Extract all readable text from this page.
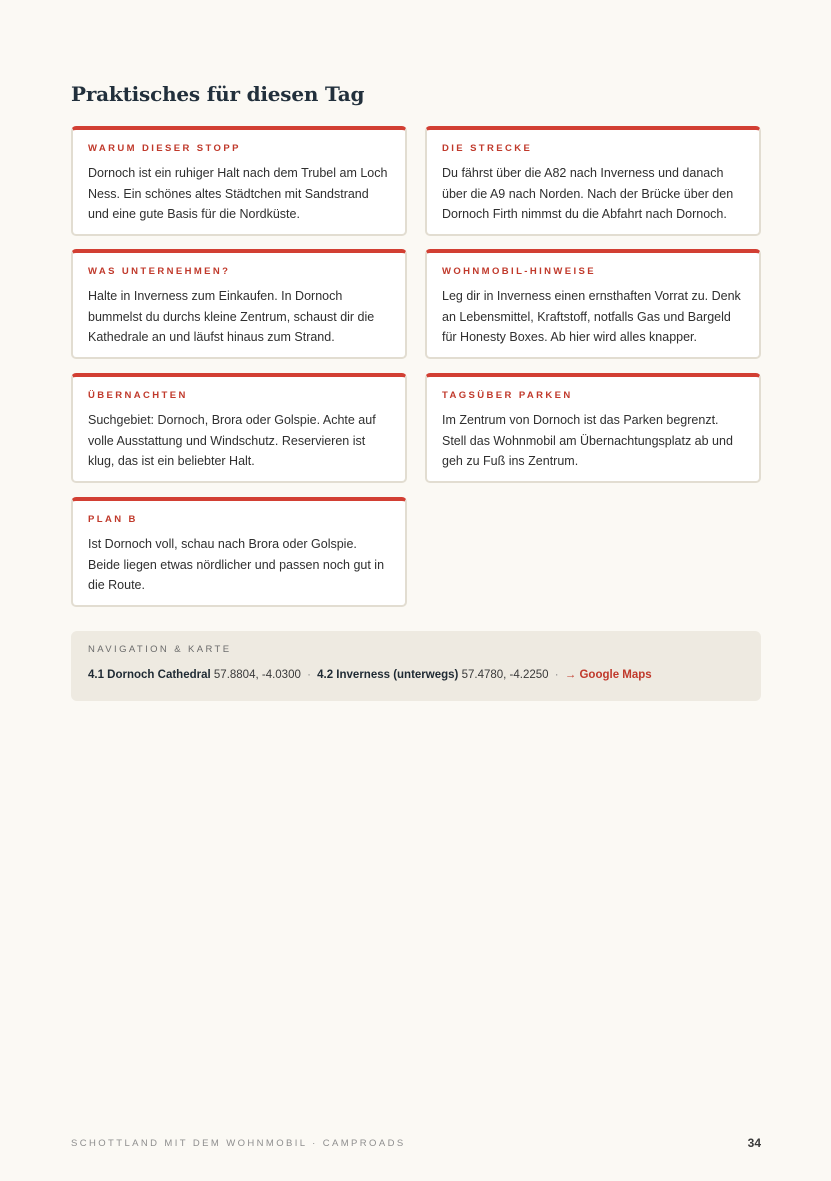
Praktisches für diesen Tag
WARUM DIESER STOPP
Dornoch ist ein ruhiger Halt nach dem Trubel am Loch Ness. Ein schönes altes Städtchen mit Sandstrand und eine gute Basis für die Nordküste.
DIE STRECKE
Du fährst über die A82 nach Inverness und danach über die A9 nach Norden. Nach der Brücke über den Dornoch Firth nimmst du die Abfahrt nach Dornoch.
WAS UNTERNEHMEN?
Halte in Inverness zum Einkaufen. In Dornoch bummelst du durchs kleine Zentrum, schaust dir die Kathedrale an und läufst hinaus zum Strand.
WOHNMOBIL-HINWEISE
Leg dir in Inverness einen ernsthaften Vorrat zu. Denk an Lebensmittel, Kraftstoff, notfalls Gas und Bargeld für Honesty Boxes. Ab hier wird alles knapper.
ÜBERNACHTEN
Suchgebiet: Dornoch, Brora oder Golspie. Achte auf volle Ausstattung und Windschutz. Reservieren ist klug, das ist ein beliebter Halt.
TAGSÜBER PARKEN
Im Zentrum von Dornoch ist das Parken begrenzt. Stell das Wohnmobil am Übernachtungsplatz ab und geh zu Fuß ins Zentrum.
PLAN B
Ist Dornoch voll, schau nach Brora oder Golspie. Beide liegen etwas nördlicher und passen noch gut in die Route.
NAVIGATION & KARTE
4.1 Dornoch Cathedral 57.8804, -4.0300 · 4.2 Inverness (unterwegs) 57.4780, -4.2250 · → Google Maps
SCHOTTLAND MIT DEM WOHNMOBIL · CAMPROADS	34
